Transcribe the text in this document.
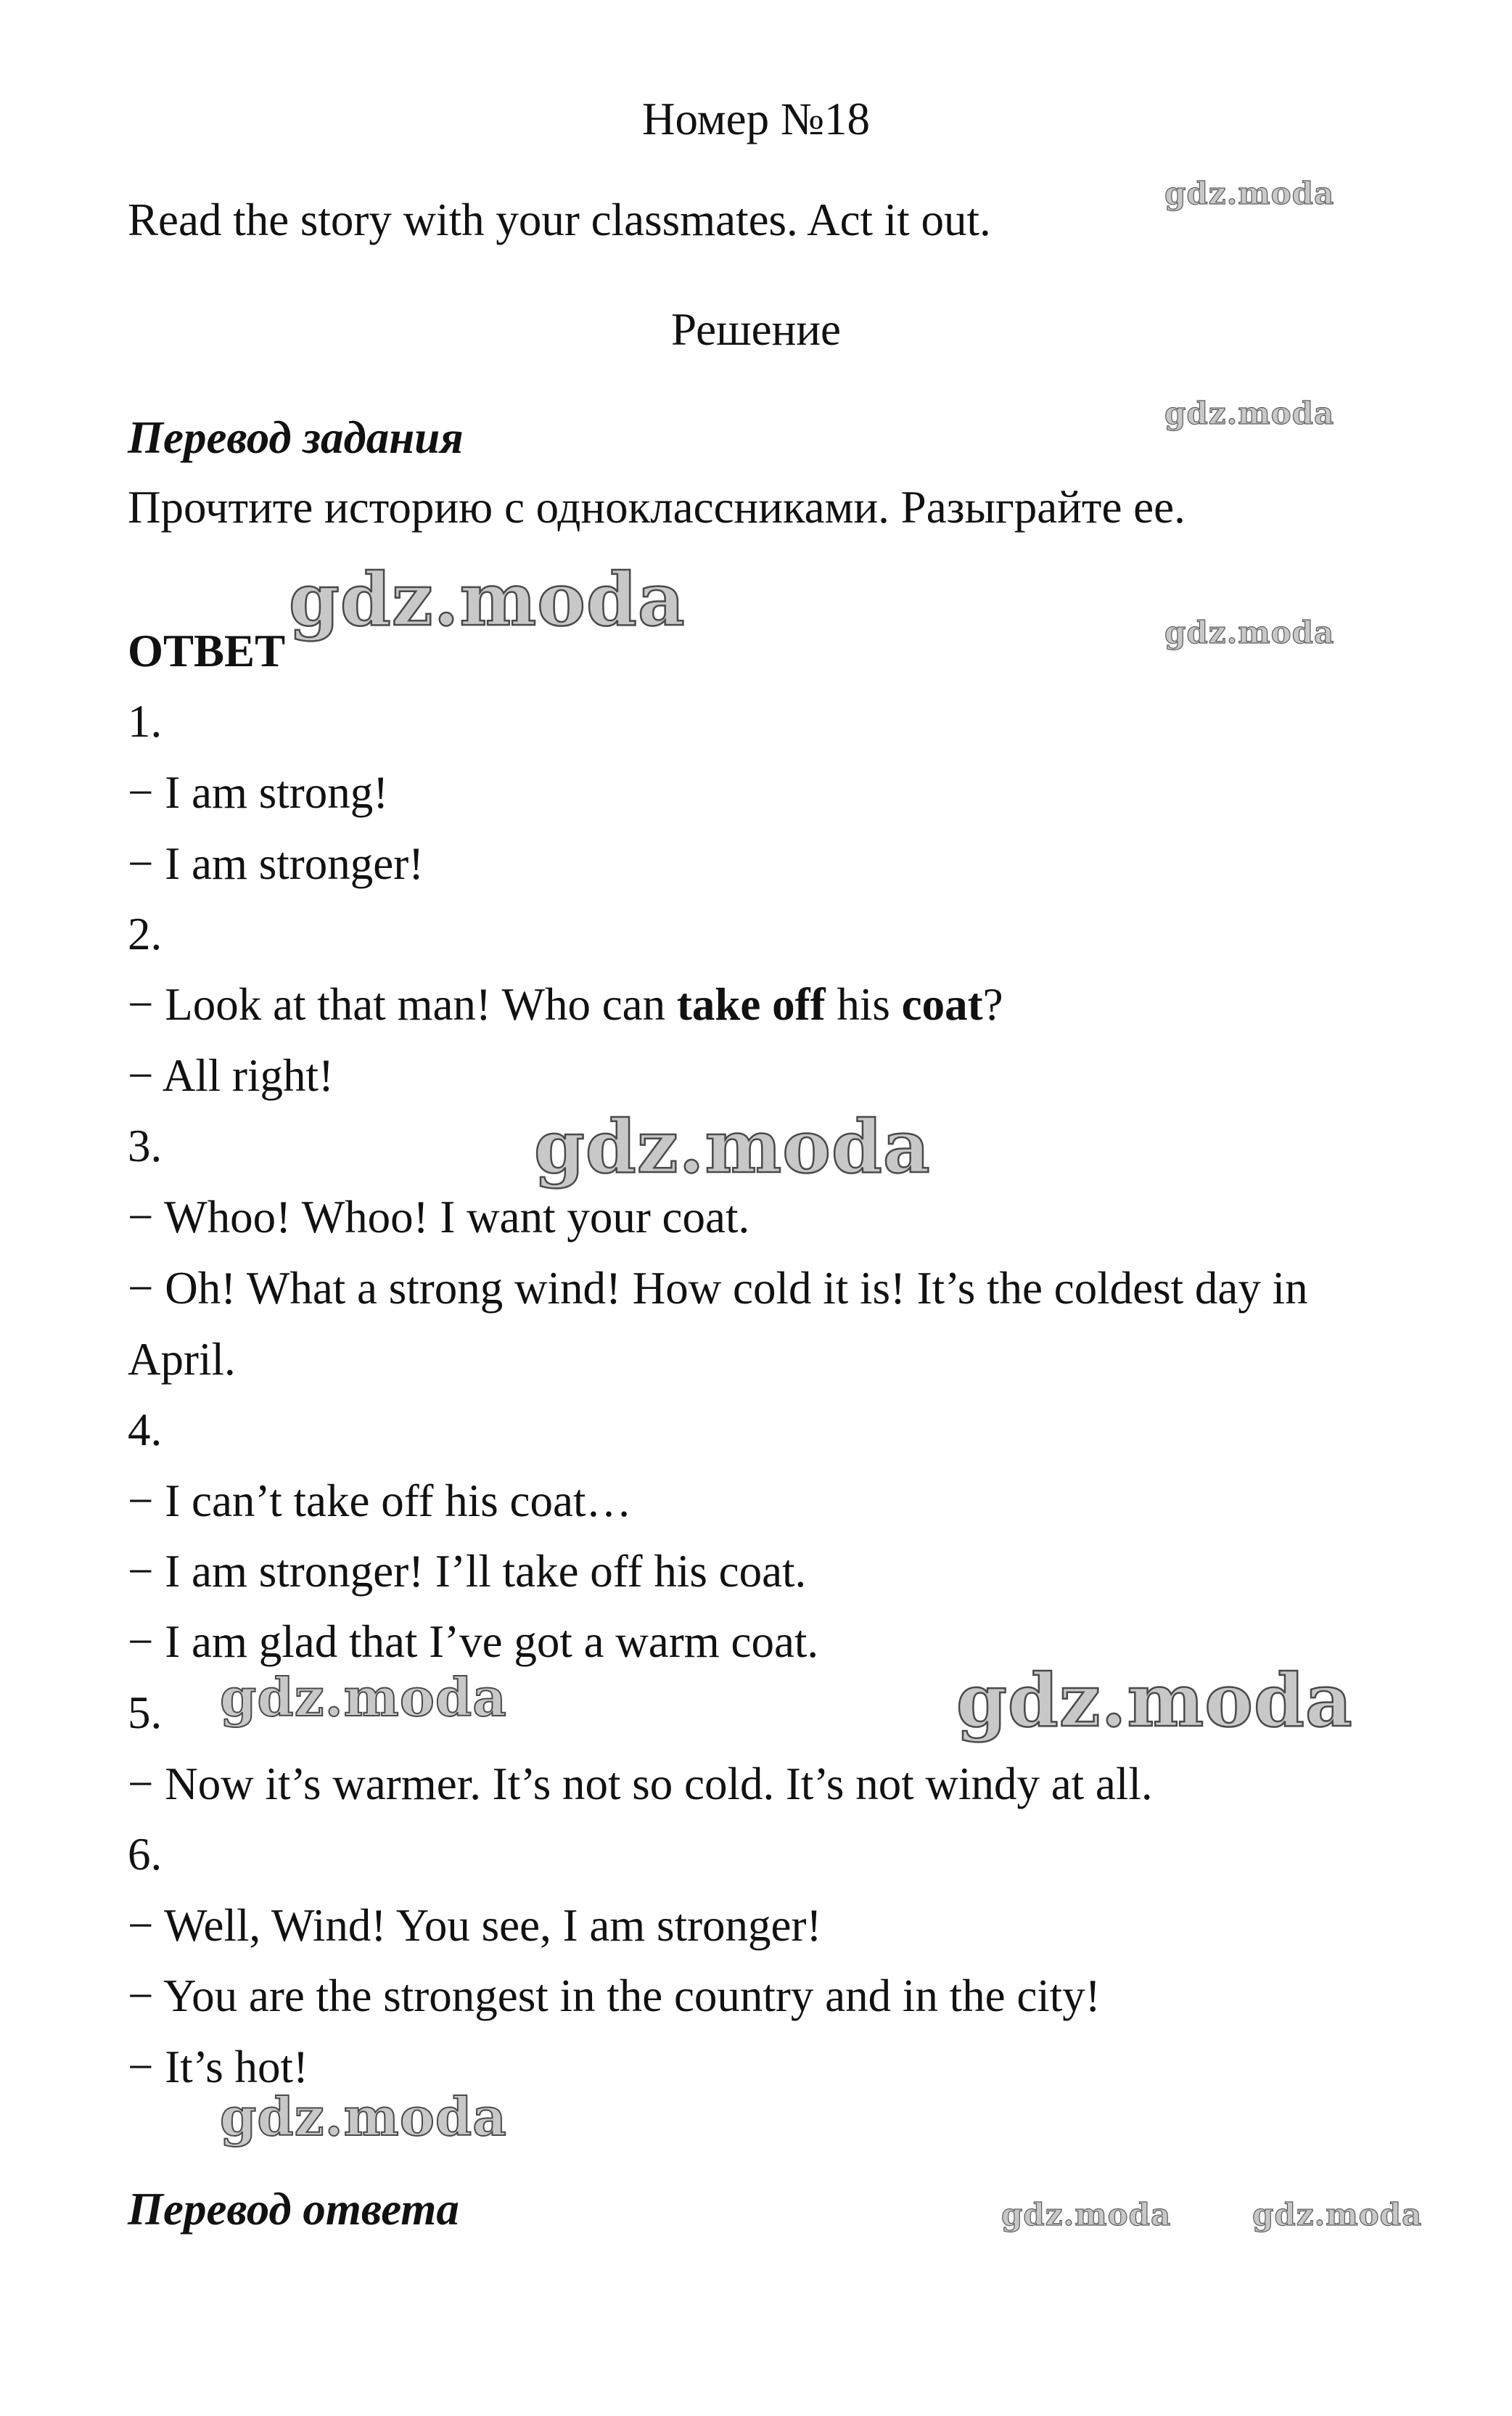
Номер №18
Read the story with your classmates. Act it out.
Решение
Перевод задания
Прочтите историю с одноклассниками. Разыграйте ее.
ОТВЕТ
1.
− I am strong!
− I am stronger!
2.
− Look at that man! Who can take off his coat?
− All right!
3.
− Whoo! Whoo! I want your coat.
− Oh! What a strong wind! How cold it is! It’s the coldest day in
April.
4.
− I can’t take off his coat…
− I am stronger! I’ll take off his coat.
− I am glad that I’ve got a warm coat.
5.
− Now it’s warmer. It’s not so cold. It’s not windy at all.
6.
− Well, Wind! You see, I am stronger!
− You are the strongest in the country and in the city!
− It’s hot!
Перевод ответа
gdz.moda
gdz.moda
gdz.moda
gdz.moda
gdz.moda
gdz.moda
gdz.moda
gdz.moda
gdz.moda	gdz.moda
